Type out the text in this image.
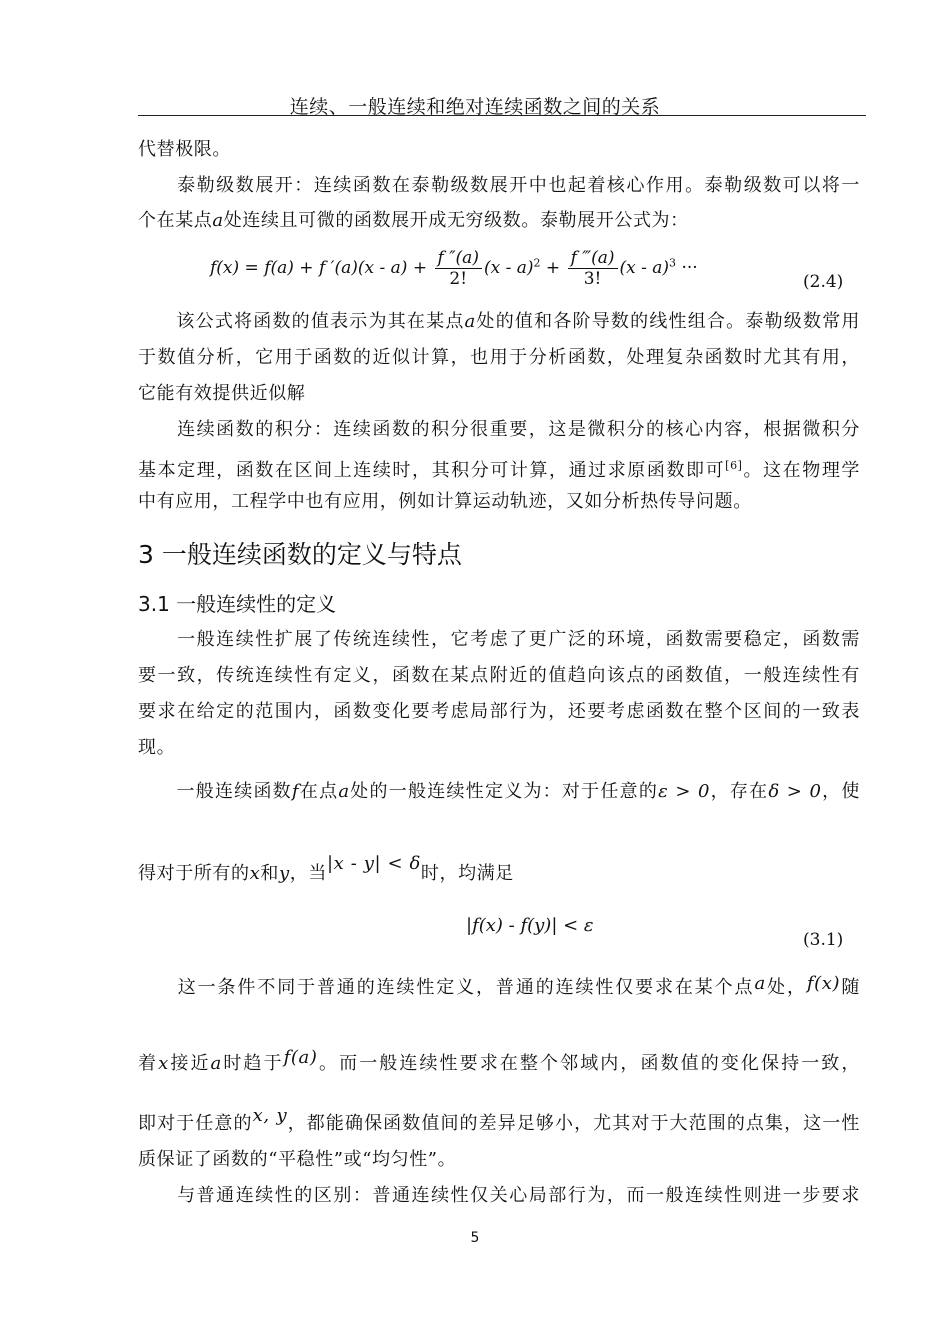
连续、一般连续和绝对连续函数之间的关系
代替极限。
　　泰勒级数展开：连续函数在泰勒级数展开中也起着核心作用。泰勒级数可以将一
个在某点a处连续且可微的函数展开成无穷级数。泰勒展开公式为：
f(x) = f(a) + f $'(a)(x - a) + \frac{f ''(a)}{2!} (x - a)^2 + \frac{f ‴(a)}{3!} (x - a)^3$ ···
(2.4)
　　该公式将函数的值表示为其在某点a处的值和各阶导数的线性组合。泰勒级数常用
于数值分析，它用于函数的近似计算，也用于分析函数，处理复杂函数时尤其有用，
它能有效提供近似解
　　连续函数的积分：连续函数的积分很重要，这是微积分的核心内容，根据微积分
基本定理，函数在区间上连续时，其积分可计算，通过求原函数即可[6]。这在物理学
中有应用，工程学中也有应用，例如计算运动轨迹，又如分析热传导问题。
3 一般连续函数的定义与特点
3.1 一般连续性的定义
　　一般连续性扩展了传统连续性，它考虑了更广泛的环境，函数需要稳定，函数需
要一致，传统连续性有定义，函数在某点附近的值趋向该点的函数值，一般连续性有
要求在给定的范围内，函数变化要考虑局部行为，还要考虑函数在整个区间的一致表
现。
　　一般连续函数f在点a处的一般连续性定义为：对于任意的ε > 0，存在δ > 0，使
得对于所有的x和y，当|x - y| < δ时，均满足
|f(x) - f(y)| < ε
(3.1)
　　这一条件不同于普通的连续性定义，普通的连续性仅要求在某个点a处，f(x)随
着x接近a时趋于f(a)。而一般连续性要求在整个邻域内，函数值的变化保持一致，
即对于任意的x, y，都能确保函数值间的差异足够小，尤其对于大范围的点集，这一性
质保证了函数的“平稳性”或“均匀性”。
　　与普通连续性的区别：普通连续性仅关心局部行为，而一般连续性则进一步要求
5
